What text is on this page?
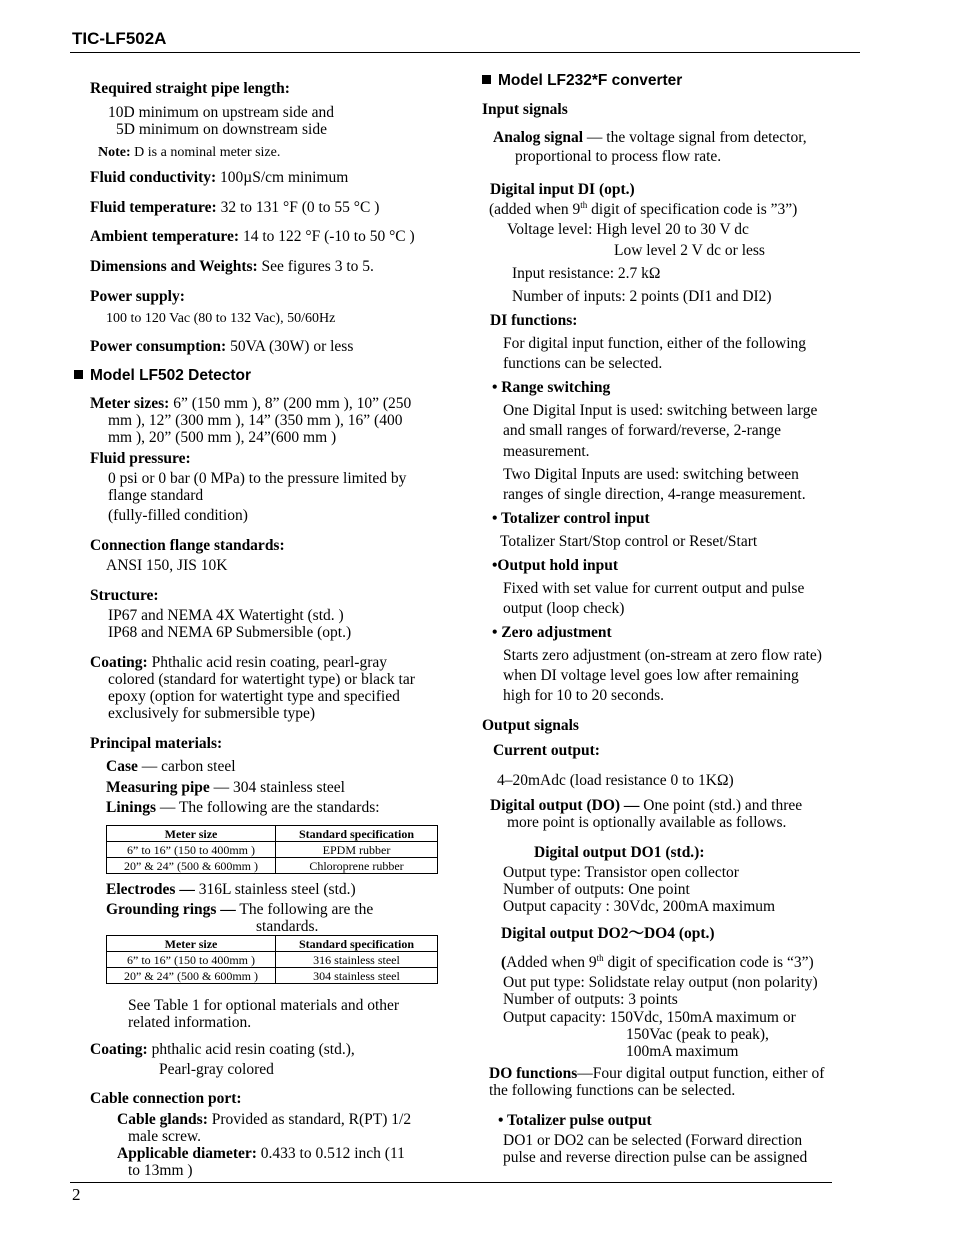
TIC-LF502A
Required straight pipe length:
10D minimum on upstream side and
5D minimum on downstream side
Note: D is a nominal meter size.
Fluid conductivity: 100µS/cm minimum
Fluid temperature: 32 to 131 °F (0 to 55 °C )
Ambient temperature: 14 to 122 °F (-10 to 50 °C )
Dimensions and Weights: See figures 3 to 5.
Power supply:
100 to 120 Vac (80 to 132 Vac), 50/60Hz
Power consumption: 50VA (30W) or less
Model LF502 Detector
Meter sizes: 6” (150 mm ), 8” (200 mm ), 10” (250
mm ), 12” (300 mm ), 14” (350 mm ), 16” (400
mm ), 20” (500 mm ), 24”(600 mm )
Fluid pressure:
0 psi or 0 bar (0 MPa) to the pressure limited by
flange standard
(fully-filled condition)
Connection flange standards:
ANSI 150, JIS 10K
Structure:
IP67 and NEMA 4X Watertight (std. )
IP68 and NEMA 6P Submersible (opt.)
Coating: Phthalic acid resin coating, pearl-gray
colored (standard for watertight type) or black tar
epoxy (option for watertight type and specified
exclusively for submersible type)
Principal materials:
Case — carbon steel
Measuring pipe — 304 stainless steel
Linings — The following are the standards:
Meter size	Standard specification
6” to 16” (150 to 400mm )	EPDM rubber
20” & 24” (500 & 600mm )	Chloroprene rubber
Electrodes — 316L stainless steel (std.)
Grounding rings — The following are the
standards.
Meter size	Standard specification
6” to 16” (150 to 400mm )	316 stainless steel
20” & 24” (500 & 600mm )	304 stainless steel
See Table 1 for optional materials and other
related information.
Coating: phthalic acid resin coating (std.),
Pearl-gray colored
Cable connection port:
Cable glands: Provided as standard, R(PT) 1/2
male screw.
Applicable diameter: 0.433 to 0.512 inch (11
to 13mm )
Model LF232*F converter
Input signals
Analog signal — the voltage signal from detector,
proportional to process flow rate.
Digital input DI (opt.)
(added when 9th digit of specification code is ”3”)
Voltage level: High level 20 to 30 V dc
Low level 2 V dc or less
Input resistance: 2.7 kΩ
Number of inputs: 2 points (DI1 and DI2)
DI functions:
For digital input function, either of the following
functions can be selected.
• Range switching
One Digital Input is used: switching between large
and small ranges of forward/reverse, 2-range
measurement.
Two Digital Inputs are used: switching between
ranges of single direction, 4-range measurement.
• Totalizer control input
Totalizer Start/Stop control or Reset/Start
•Output hold input
Fixed with set value for current output and pulse
output (loop check)
• Zero adjustment
Starts zero adjustment (on-stream at zero flow rate)
when DI voltage level goes low after remaining
high for 10 to 20 seconds.
Output signals
Current output:
4–20mAdc (load resistance 0 to 1KΩ)
Digital output (DO) — One point (std.) and three
more point is optionally available as follows.
Digital output DO1 (std.):
Output type: Transistor open collector
Number of outputs: One point
Output capacity : 30Vdc, 200mA maximum
Digital output DO2～DO4 (opt.)
(Added when 9th digit of specification code is “3”)
Out put type: Solidstate relay output (non polarity)
Number of outputs: 3 points
Output capacity: 150Vdc, 150mA maximum or
150Vac (peak to peak),
100mA maximum
DO functions—Four digital output function, either of
the following functions can be selected.
• Totalizer pulse output
DO1 or DO2 can be selected (Forward direction
pulse and reverse direction pulse can be assigned
2
